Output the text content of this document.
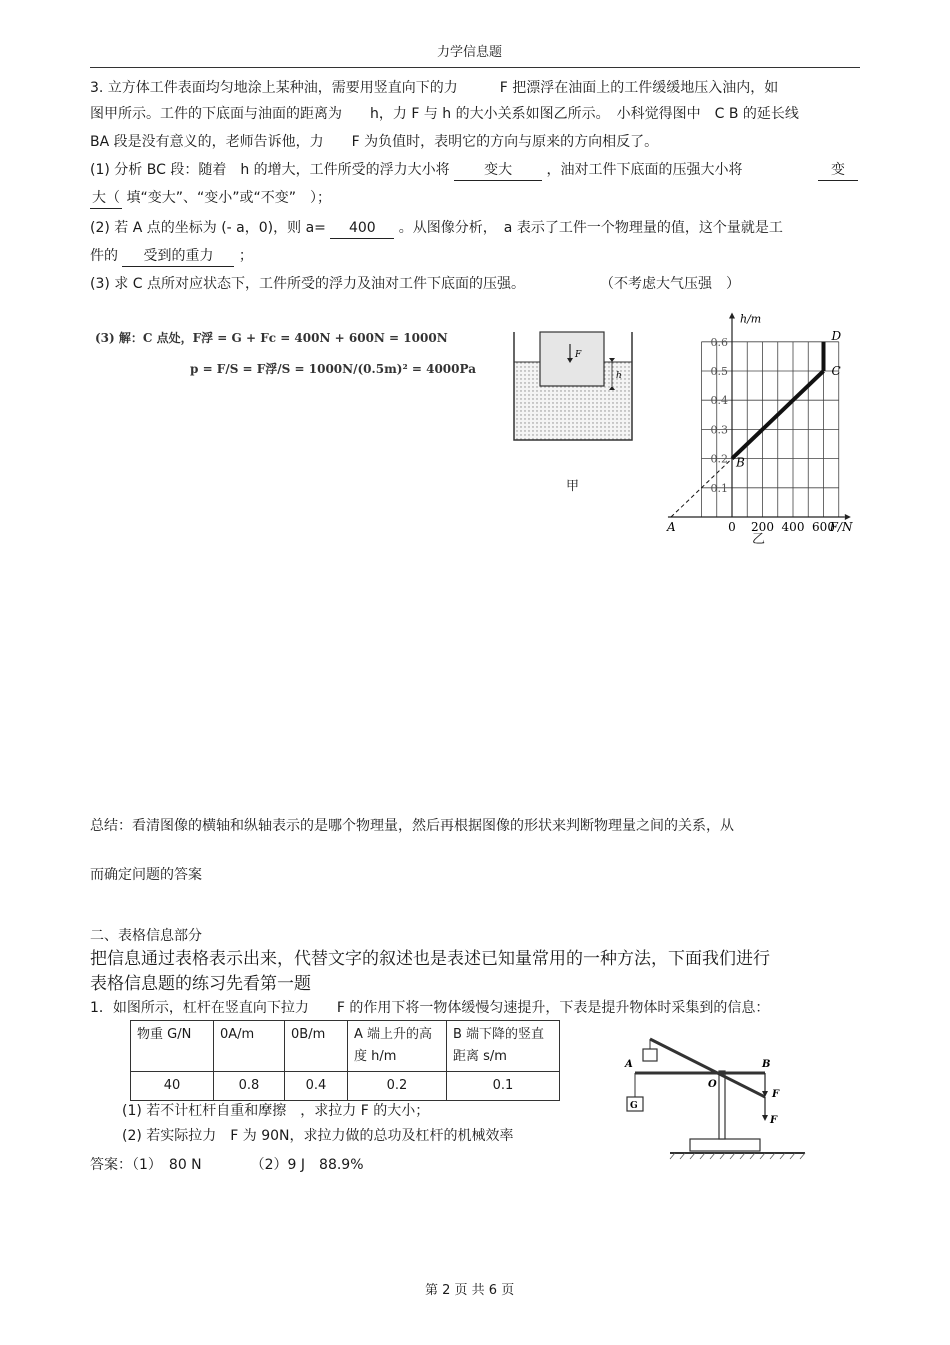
力学信息题
3. 立方体工件表面均匀地涂上某种油，需要用竖直向下的力　　　F 把漂浮在油面上的工件缓缓地压入油内，如
图甲所示。工件的下底面与油面的距离为　　h，力 F 与 h 的大小关系如图乙所示。　小科觉得图中　C B 的延长线
BA 段是没有意义的，老师告诉他，力　　F 为负值时，表明它的方向与原来的方向相反了。
(1) 分析 BC 段：随着　h 的增大，工件所受的浮力大小将 变大 ，油对工件下底面的压强大小将	变
大（ 填“变大”、“变小”或“不变”　）；
(2) 若 A 点的坐标为 (- a，0)，则 a= 400 。从图像分析，　a 表示了工件一个物理量的值，这个量就是工
件的 受到的重力 ；
(3) 求 C 点所对应状态下，工件所受的浮力及油对工件下底面的压强。	（不考虑大气压强　）
(3) 解：C 点处，F浮 = G + Fc = 400N + 600N = 1000N
p = F/S = F浮/S = 1000N/(0.5m)² = 4000Pa
F
h
甲
0 200 400 600
0.1
0.2
0.3
0.4
0.5
0.6
h/m
F/N
A
B
C
D
乙
总结：看清图像的横轴和纵轴表示的是哪个物理量，然后再根据图像的形状来判断物理量之间的关系，从
而确定问题的答案
二、表格信息部分
把信息通过表格表示出来，代替文字的叙述也是表述已知量常用的一种方法，下面我们进行
表格信息题的练习先看第一题
1．如图所示，杠杆在竖直向下拉力　　F 的作用下将一物体缓慢匀速提升，下表是提升物体时采集到的信息：
物重 G/N	0A/m	0B/m	A 端上升的高度 h/m	B 端下降的竖直距离 s/m
40	0.8	0.4	0.2	0.1
(1) 若不计杠杆自重和摩擦　，求拉力 F 的大小；
(2) 若实际拉力　F 为 90N，求拉力做的总功及杠杆的机械效率
答案：（1）　80 N　　　　（2）9 J　88.9%
G
A
O
B
F
F
第 2 页 共 6 页
